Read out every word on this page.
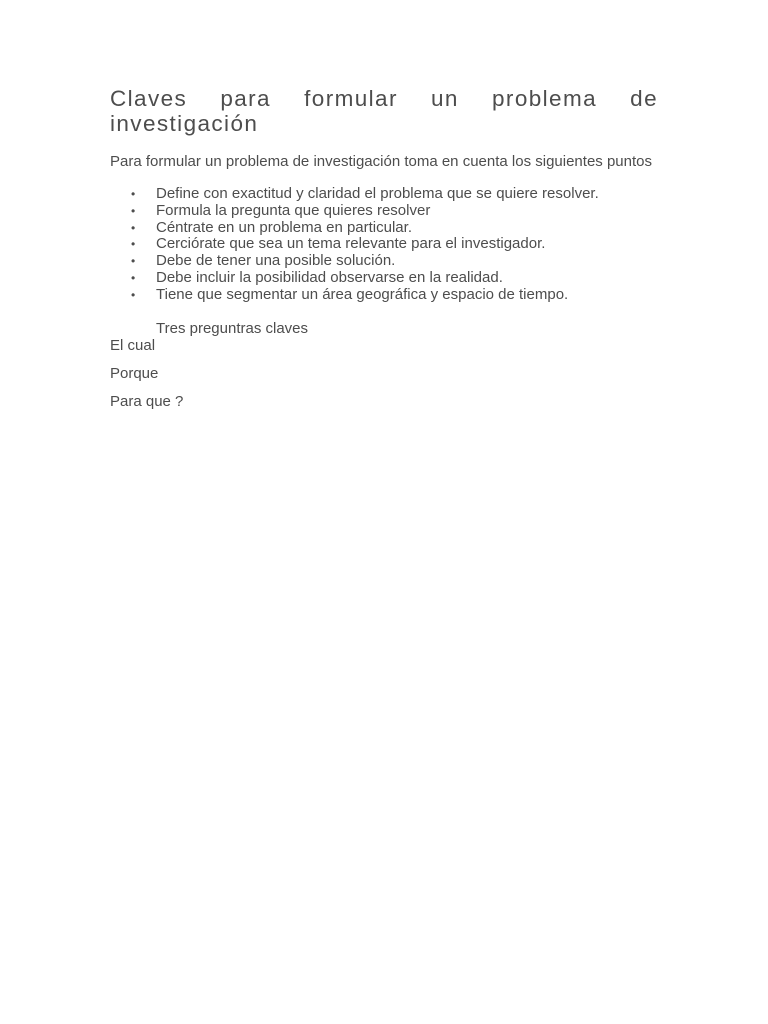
Claves para formular un problema de investigación

Para formular un problema de investigación toma en cuenta los siguientes puntos

• Define con exactitud y claridad el problema que se quiere resolver.
• Formula la pregunta que quieres resolver
• Céntrate en un problema en particular.
• Cerciórate que sea un tema relevante para el investigador.
• Debe de tener una posible solución.
• Debe incluir la posibilidad observarse en la realidad.
• Tiene que segmentar un área geográfica y espacio de tiempo.

Tres preguntras claves

El cual

Porque

Para que ?
